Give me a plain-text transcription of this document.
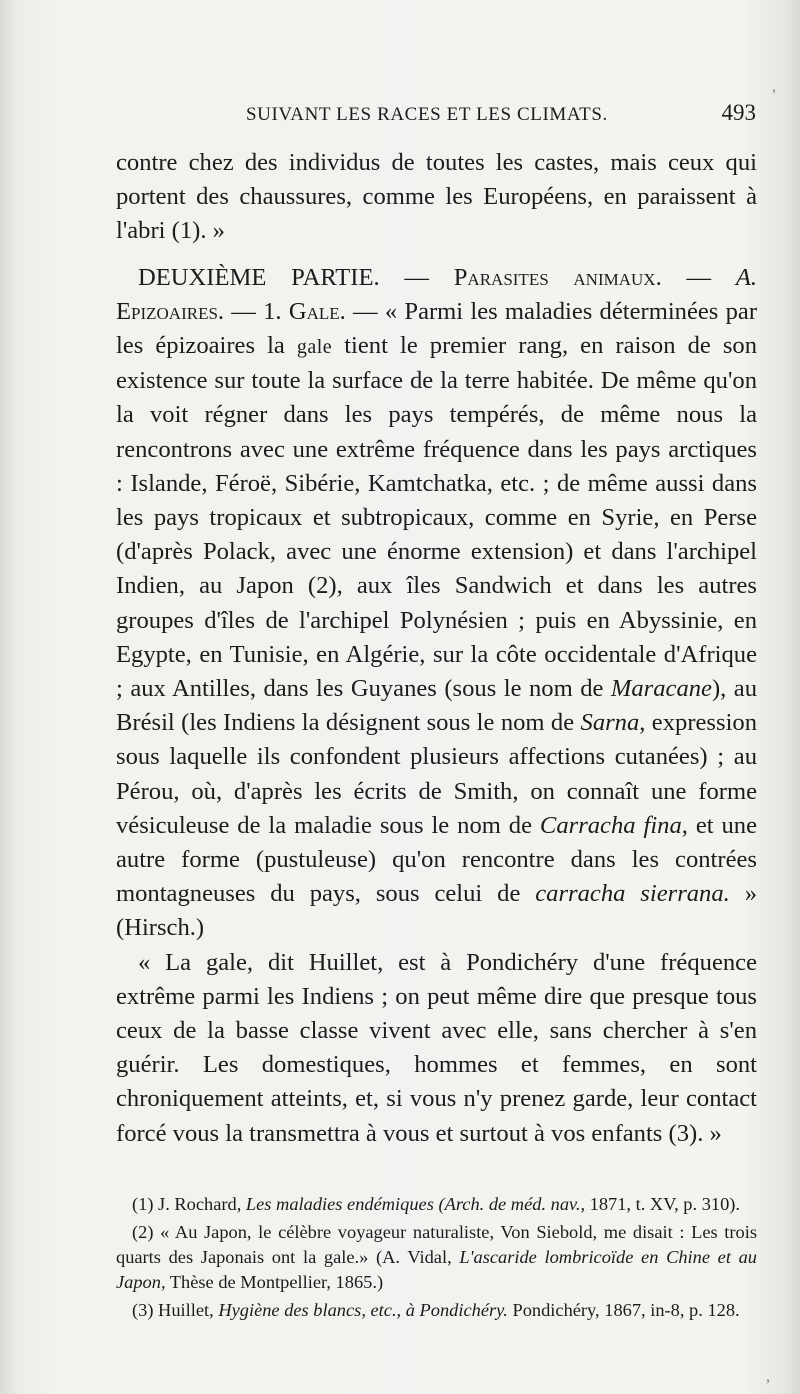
SUIVANT LES RACES ET LES CLIMATS.	493

contre chez des individus de toutes les castes, mais ceux qui portent des chaussures, comme les Européens, en paraissent à l'abri (1). »

DEUXIÈME PARTIE. — Parasites animaux. — A. Epizoaires. — 1. Gale. — « Parmi les maladies déterminées par les épizoaires la gale tient le premier rang, en raison de son existence sur toute la surface de la terre habitée. De même qu'on la voit régner dans les pays tempérés, de même nous la rencontrons avec une extrême fréquence dans les pays arctiques : Islande, Féroë, Sibérie, Kamtchatka, etc. ; de même aussi dans les pays tropicaux et subtropicaux, comme en Syrie, en Perse (d'après Polack, avec une énorme extension) et dans l'archipel Indien, au Japon (2), aux îles Sandwich et dans les autres groupes d'îles de l'archipel Polynésien ; puis en Abyssinie, en Egypte, en Tunisie, en Algérie, sur la côte occidentale d'Afrique ; aux Antilles, dans les Guyanes (sous le nom de Maracane), au Brésil (les Indiens la désignent sous le nom de Sarna, expression sous laquelle ils confondent plusieurs affections cutanées) ; au Pérou, où, d'après les écrits de Smith, on connaît une forme vésiculeuse de la maladie sous le nom de Carracha fina, et une autre forme (pustuleuse) qu'on rencontre dans les contrées montagneuses du pays, sous celui de carracha sierrana. » (Hirsch.)

« La gale, dit Huillet, est à Pondichéry d'une fréquence extrême parmi les Indiens ; on peut même dire que presque tous ceux de la basse classe vivent avec elle, sans chercher à s'en guérir. Les domestiques, hommes et femmes, en sont chroniquement atteints, et, si vous n'y prenez garde, leur contact forcé vous la transmettra à vous et surtout à vos enfants (3). »

(1) J. Rochard, Les maladies endémiques (Arch. de méd. nav., 1871, t. XV, p. 310).

(2) « Au Japon, le célèbre voyageur naturaliste, Von Siebold, me disait : Les trois quarts des Japonais ont la gale.» (A. Vidal, L'ascaride lombricoïde en Chine et au Japon, Thèse de Montpellier, 1865.)

(3) Huillet, Hygiène des blancs, etc., à Pondichéry. Pondichéry, 1867, in-8, p. 128.

,
,
